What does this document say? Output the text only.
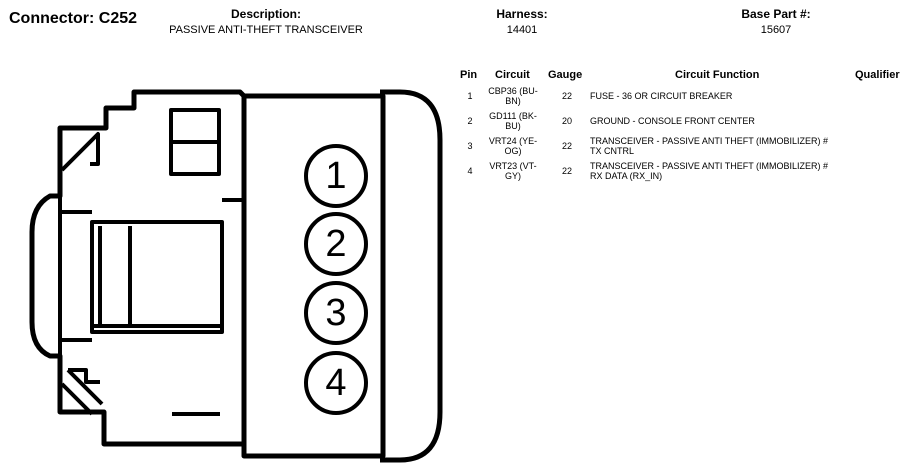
Connector: C252	Description:
PASSIVE ANTI-THEFT TRANSCEIVER
Harness:
14401
Base Part #:
15607
Pin Circuit Gauge	Circuit Function	Qualifier
1	CBP36 (BU-
BN)	22	FUSE - 36 OR CIRCUIT BREAKER
2	GD111 (BK-
BU)	20	GROUND - CONSOLE FRONT CENTER
3	VRT24 (YE-
OG)	22	TRANSCEIVER - PASSIVE ANTI THEFT (IMMOBILIZER) #
TX CNTRL
4	VRT23 (VT-
GY)	22	TRANSCEIVER - PASSIVE ANTI THEFT (IMMOBILIZER) #
RX DATA (RX_IN)
1
2
3
4
